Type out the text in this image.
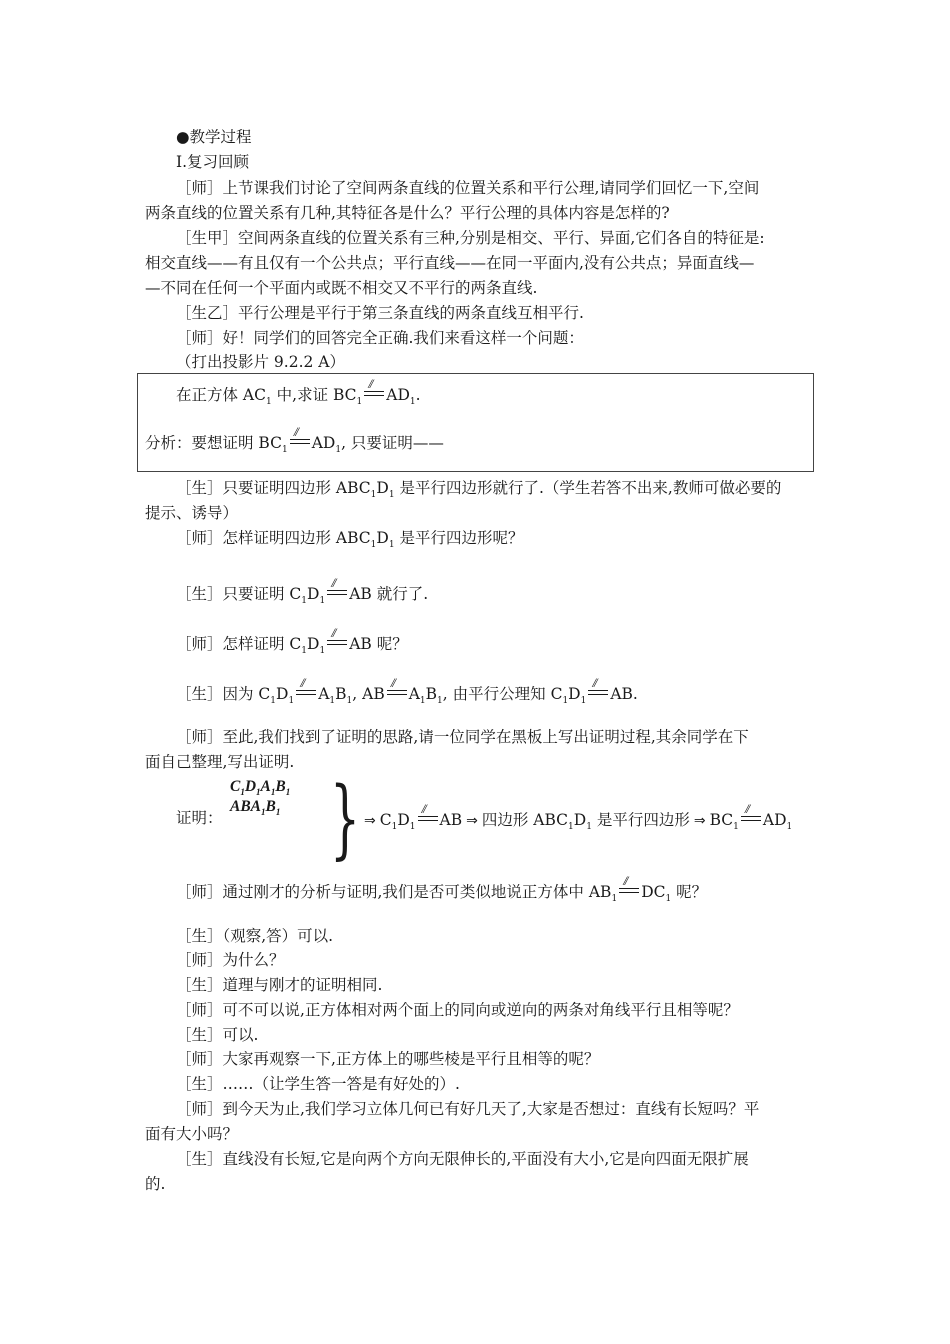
●教学过程
Ⅰ.复习回顾
［师］上节课我们讨论了空间两条直线的位置关系和平行公理,请同学们回忆一下,空间
两条直线的位置关系有几种,其特征各是什么？平行公理的具体内容是怎样的?
［生甲］空间两条直线的位置关系有三种,分别是相交、平行、异面,它们各自的特征是:
相交直线——有且仅有一个公共点；平行直线——在同一平面内,没有公共点；异面直线—
—不同在任何一个平面内或既不相交又不平行的两条直线.
［生乙］平行公理是平行于第三条直线的两条直线互相平行.
［师］好！同学们的回答完全正确.我们来看这样一个问题：
（打出投影片 9.2.2 A）
在正方体 $AC_1$ 中,求证 $BC_1$
//
$AD_1$.
分析：要想证明 $BC_1$
//
$AD_1$, 只要证明——
［生］只要证明四边形 $ABC_1D_1$ 是平行四边形就行了.（学生若答不出来,教师可做必要的
提示、诱导）
［师］怎样证明四边形 $ABC_1D_1$ 是平行四边形呢？
［生］只要证明 $C_1D_1$
//
AB 就行了.
［师］怎样证明 $C_1D_1$
//
AB 呢？
［生］因为 $C_1D_1$
//
$A_1B_1$, AB
//
$A_1B_1$, 由平行公理知 $C_1D_1$
//
AB.
［师］至此,我们找到了证明的思路,请一位同学在黑板上写出证明过程,其余同学在下
面自己整理,写出证明.
$C_1D_1A_1B_1$
$ABA_1B_1$
证明： } ⇒ $C_1D_1$
//
AB ⇒ 四边形 $ABC_1D_1$ 是平行四边形 ⇒ $BC_1$
//
$AD_1$
［师］通过刚才的分析与证明,我们是否可类似地说正方体中 $AB_1$
//
$DC_1$ 呢？
［生］（观察,答）可以.
［师］为什么？
［生］道理与刚才的证明相同.
［师］可不可以说,正方体相对两个面上的同向或逆向的两条对角线平行且相等呢？
［生］可以.
［师］大家再观察一下,正方体上的哪些棱是平行且相等的呢？
［生］……（让学生答一答是有好处的）.
［师］到今天为止,我们学习立体几何已有好几天了,大家是否想过：直线有长短吗？平
面有大小吗？
［生］直线没有长短,它是向两个方向无限伸长的,平面没有大小,它是向四面无限扩展
的.
